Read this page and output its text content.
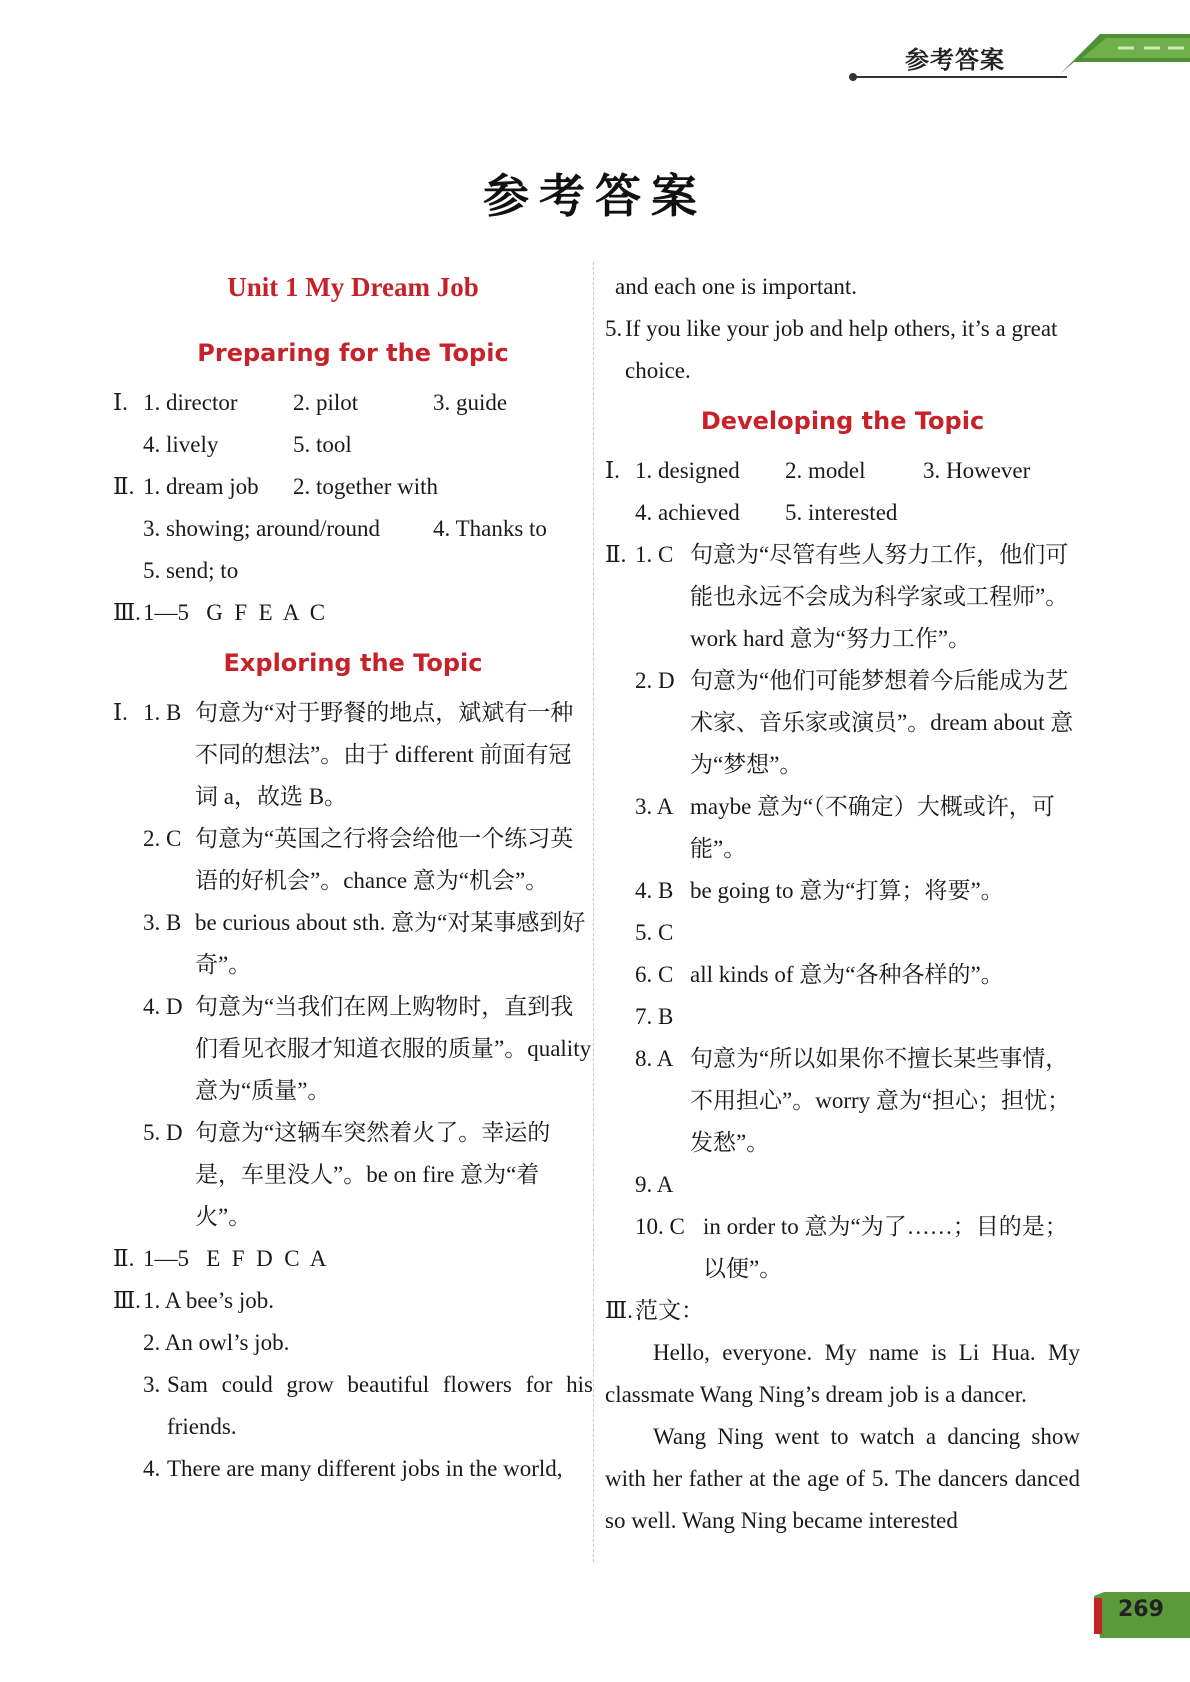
参考答案
参考答案
Unit 1 My Dream Job
Preparing for the Topic
Ⅰ. 1. director	2. pilot	3. guide
4. lively	5. tool
Ⅱ. 1. dream job	2. together with
3. showing; around/round	4. Thanks to
5. send; to
Ⅲ. 1—5   G  F  E  A  C
Exploring the Topic
Ⅰ. 1. B 句意为“对于野餐的地点，斌斌有一种不同的想法”。由于 different 前面有冠词 a，故选 B。
2. C 句意为“英国之行将会给他一个练习英语的好机会”。chance 意为“机会”。
3. B be curious about sth. 意为“对某事感到好奇”。
4. D 句意为“当我们在网上购物时，直到我们看见衣服才知道衣服的质量”。quality 意为“质量”。
5. D 句意为“这辆车突然着火了。幸运的是，车里没人”。be on fire 意为“着火”。
Ⅱ. 1—5   E  F  D  C  A
Ⅲ. 1. A bee’s job.
2. An owl’s job.
3. Sam could grow beautiful flowers for his friends.
4. There are many different jobs in the world,
and each one is important.
5. If you like your job and help others, it’s a great choice.
Developing the Topic
Ⅰ. 1. designed	2. model	3. However
4. achieved	5. interested
Ⅱ. 1. C 句意为“尽管有些人努力工作，他们可能也永远不会成为科学家或工程师”。work hard 意为“努力工作”。
2. D 句意为“他们可能梦想着今后能成为艺术家、音乐家或演员”。dream about 意为“梦想”。
3. A maybe 意为“（不确定）大概或许，可能”。
4. B be going to 意为“打算；将要”。
5. C
6. C all kinds of 意为“各种各样的”。
7. B
8. A 句意为“所以如果你不擅长某些事情，不用担心”。worry 意为“担心；担忧；发愁”。
9. A
10. C in order to 意为“为了……；目的是；以便”。
Ⅲ. 范文：
Hello, everyone. My name is Li Hua. My classmate Wang Ning’s dream job is a dancer.
Wang Ning went to watch a dancing show with her father at the age of 5. The dancers danced so well. Wang Ning became interested
269
